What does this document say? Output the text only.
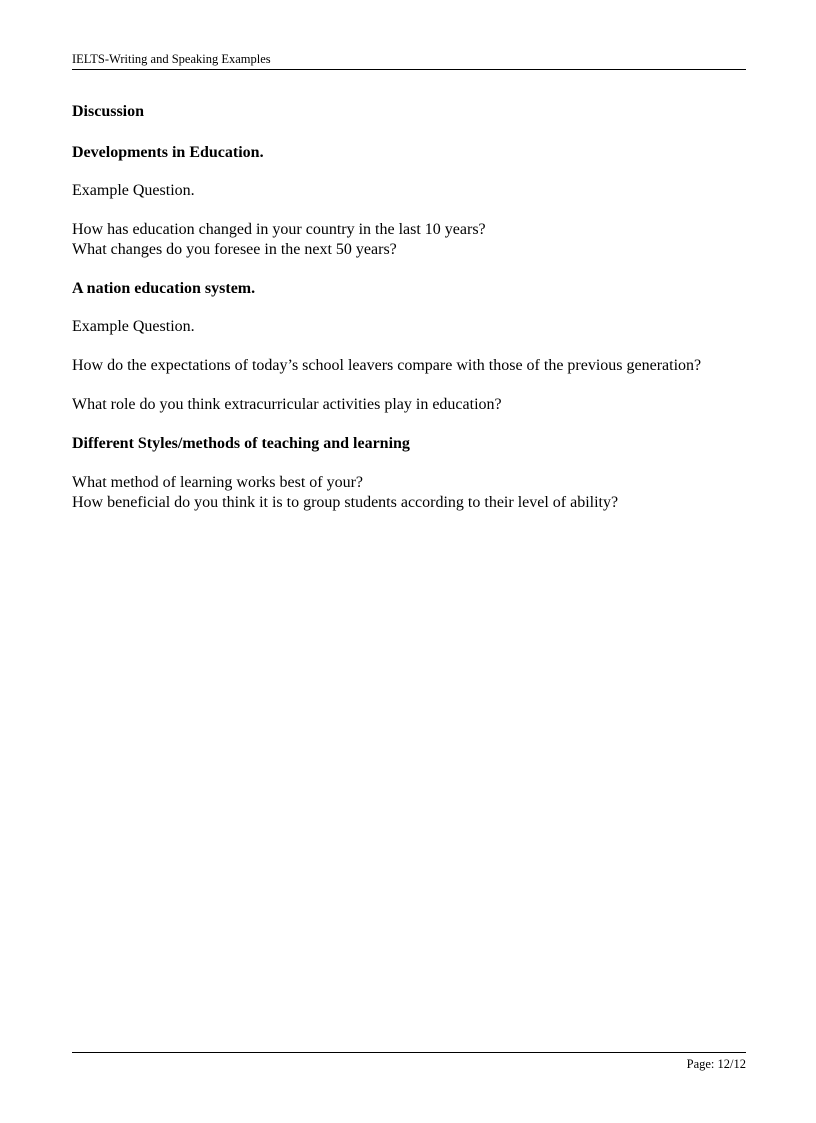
IELTS-Writing and Speaking Examples

Discussion

Developments in Education.

Example Question.

How has education changed in your country in the last 10 years?

What changes do you foresee in the next 50 years?

A nation education system.

Example Question.

How do the expectations of today’s school leavers compare with those of the previous generation?

What role do you think extracurricular activities play in education?

Different Styles/methods of teaching and learning

What method of learning works best of your?

How beneficial do you think it is to group students according to their level of ability?

Page: 12/12
